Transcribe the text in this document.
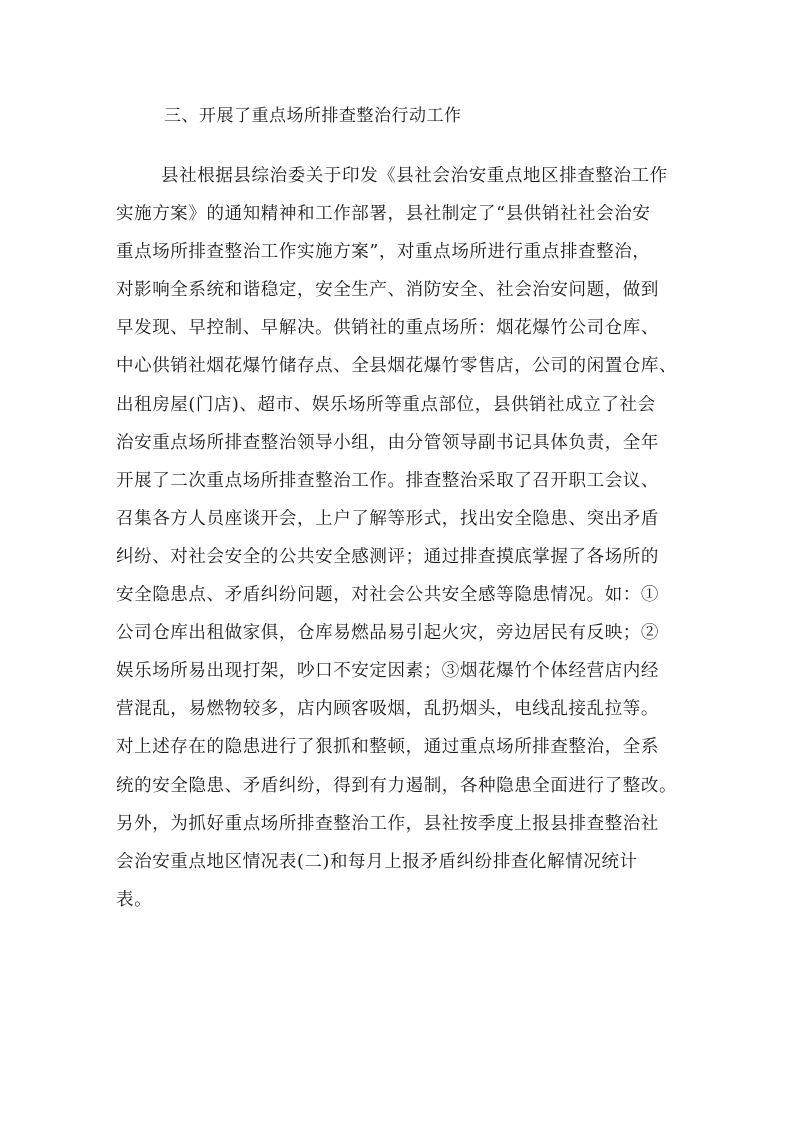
三、开展了重点场所排查整治行动工作
县社根据县综治委关于印发《县社会治安重点地区排查整治工作
实施方案》的通知精神和工作部署，县社制定了“县供销社社会治安
重点场所排查整治工作实施方案”，对重点场所进行重点排查整治，
对影响全系统和谐稳定，安全生产、消防安全、社会治安问题，做到
早发现、早控制、早解决。供销社的重点场所：烟花爆竹公司仓库、
中心供销社烟花爆竹储存点、全县烟花爆竹零售店，公司的闲置仓库、
出租房屋(门店)、超市、娱乐场所等重点部位，县供销社成立了社会
治安重点场所排查整治领导小组，由分管领导副书记具体负责，全年
开展了二次重点场所排查整治工作。排查整治采取了召开职工会议、
召集各方人员座谈开会，上户了解等形式，找出安全隐患、突出矛盾
纠纷、对社会安全的公共安全感测评；通过排查摸底掌握了各场所的
安全隐患点、矛盾纠纷问题，对社会公共安全感等隐患情况。如：①
公司仓库出租做家俱，仓库易燃品易引起火灾，旁边居民有反映；②
娱乐场所易出现打架，吵口不安定因素；③烟花爆竹个体经营店内经
营混乱，易燃物较多，店内顾客吸烟，乱扔烟头，电线乱接乱拉等。
对上述存在的隐患进行了狠抓和整顿，通过重点场所排查整治，全系
统的安全隐患、矛盾纠纷，得到有力遏制，各种隐患全面进行了整改。
另外，为抓好重点场所排查整治工作，县社按季度上报县排查整治社
会治安重点地区情况表(二)和每月上报矛盾纠纷排查化解情况统计
表。
